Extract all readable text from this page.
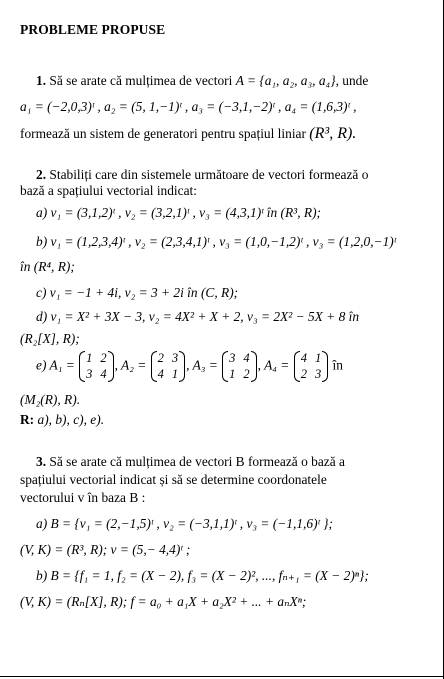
PROBLEME PROPUSE
1. Să se arate că mulțimea de vectori A = {a₁, a₂, a₃, a₄}, unde
a₁ = (−2,0,3)ᵗ , a₂ = (5, 1,−1)ᵗ , a₃ = (−3,1,−2)ᵗ , a₄ = (1,6,3)ᵗ ,
formează un sistem de generatori pentru spațiul liniar (R³, R).
2. Stabiliți care din sistemele următoare de vectori formează o
bază a spațiului vectorial indicat:
a) v₁ = (3,1,2)ᵗ , v₂ = (3,2,1)ᵗ , v₃ = (4,3,1)ᵗ în (R³, R);
b) v₁ = (1,2,3,4)ᵗ , v₂ = (2,3,4,1)ᵗ , v₃ = (1,0,−1,2)ᵗ , v₃ = (1,2,0,−1)ᵗ
în (R⁴, R);
c) v₁ = −1 + 4i, v₂ = 3 + 2i în (C, R);
d) v₁ = X² + 3X − 3, v₂ = 4X² + X + 2, v₃ = 2X² − 5X + 8 în
(R₂[X], R);
e) A₁ = 1	2
3	4
, A₂ = 2	3
4	1
, A₃ = 3	4
1	2
, A₄ = 4	1
2	3
în
(M₂(R), R).
R: a), b), c), e).
3. Să se arate că mulțimea de vectori B formează o bază a
spațiului vectorial indicat și să se determine coordonatele
vectorului v în baza B :
a) B = {v₁ = (2,−1,5)ᵗ , v₂ = (−3,1,1)ᵗ , v₃ = (−1,1,6)ᵗ };
(V, K) = (R³, R); v = (5,− 4,4)ᵗ ;
b) B = {f₁ = 1, f₂ = (X − 2), f₃ = (X − 2)², ..., fₙ₊₁ = (X − 2)ⁿ};
(V, K) = (Rₙ[X], R); f = a₀ + a₁X + a₂X² + ... + aₙXⁿ;
